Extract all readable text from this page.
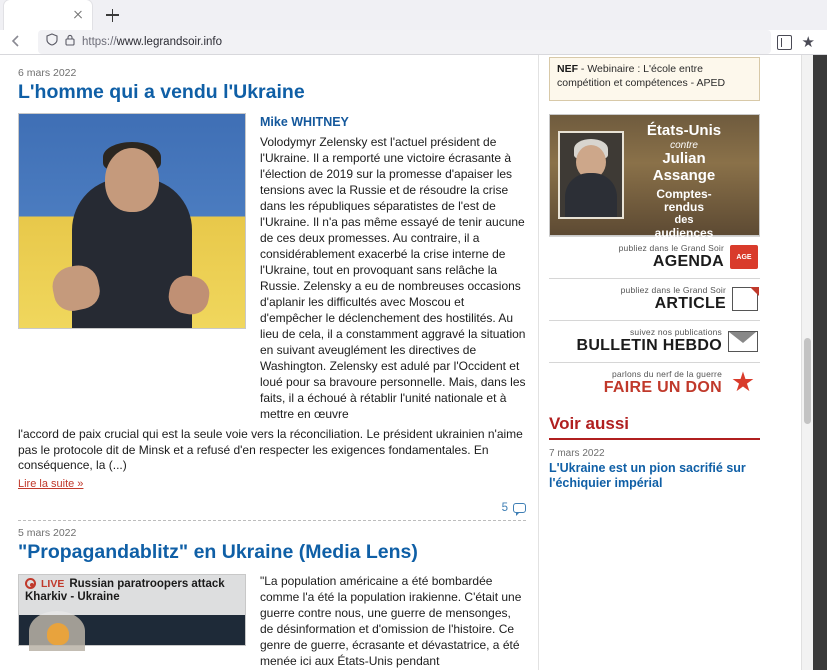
https://www.legrandsoir.info	★
6 mars 2022
L'homme qui a vendu l'Ukraine
Mike WHITNEY
Volodymyr Zelensky est l'actuel président de l'Ukraine. Il a remporté une victoire écrasante à l'élection de 2019 sur la promesse d'apaiser les tensions avec la Russie et de résoudre la crise dans les républiques séparatistes de l'est de l'Ukraine. Il n'a pas même essayé de tenir aucune de ces deux promesses. Au contraire, il a considérablement exacerbé la crise interne de l'Ukraine, tout en provoquant sans relâche la Russie. Zelensky a eu de nombreuses occasions d'aplanir les difficultés avec Moscou et d'empêcher le déclenchement des hostilités. Au lieu de cela, il a constamment aggravé la situation en suivant aveuglément les directives de Washington. Zelensky est adulé par l'Occident et loué pour sa bravoure personnelle. Mais, dans les faits, il a échoué à rétablir l'unité nationale et à mettre en œuvre
l'accord de paix crucial qui est la seule voie vers la réconciliation. Le président ukrainien n'aime pas le protocole dit de Minsk et a refusé d'en respecter les exigences fondamentales. En conséquence, la (...)
Lire la suite »
5
5 mars 2022
"Propagandablitz" en Ukraine (Media Lens)
LIVE Russian paratroopers attack
Kharkiv - Ukraine
"La population américaine a été bombardée comme l'a été la population irakienne. C'était une guerre contre nous, une guerre de mensonges, de désinformation et d'omission de l'histoire. Ce genre de guerre, écrasante et dévastatrice, a été menée ici aux États-Unis pendant
NEF - Webinaire : L'école entre compétition et compétences - APED
États-Unis
contre
Julian
Assange
Comptes-
rendus
des
audiences
publiez dans le Grand Soir
AGENDA	AGE
publiez dans le Grand Soir
ARTICLE
suivez nos publications
BULLETIN HEBDO
parlons du nerf de la guerre
FAIRE UN DON ★
Voir aussi
7 mars 2022
L'Ukraine est un pion sacrifié sur l'échiquier impérial
